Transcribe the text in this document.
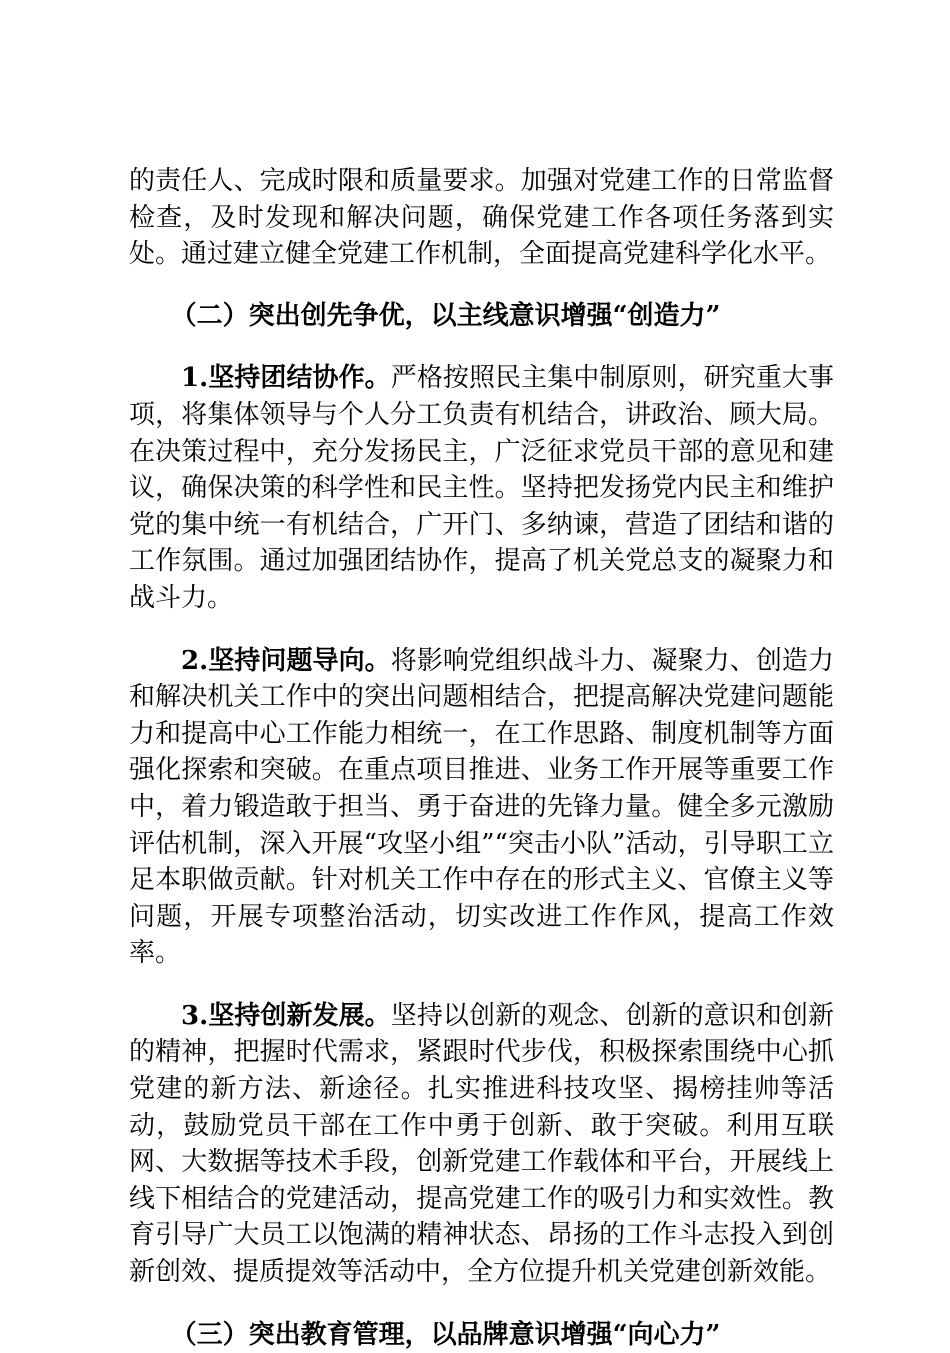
的责任人、完成时限和质量要求。加强对党建工作的日常监督检查，及时发现和解决问题，确保党建工作各项任务落到实处。通过建立健全党建工作机制，全面提高党建科学化水平。

（二）突出创先争优，以主线意识增强“创造力”

1.坚持团结协作。严格按照民主集中制原则，研究重大事项，将集体领导与个人分工负责有机结合，讲政治、顾大局。在决策过程中，充分发扬民主，广泛征求党员干部的意见和建议，确保决策的科学性和民主性。坚持把发扬党内民主和维护党的集中统一有机结合，广开门、多纳谏，营造了团结和谐的工作氛围。通过加强团结协作，提高了机关党总支的凝聚力和战斗力。

2.坚持问题导向。将影响党组织战斗力、凝聚力、创造力和解决机关工作中的突出问题相结合，把提高解决党建问题能力和提高中心工作能力相统一，在工作思路、制度机制等方面强化探索和突破。在重点项目推进、业务工作开展等重要工作中，着力锻造敢于担当、勇于奋进的先锋力量。健全多元激励评估机制，深入开展“攻坚小组”“突击小队”活动，引导职工立足本职做贡献。针对机关工作中存在的形式主义、官僚主义等问题，开展专项整治活动，切实改进工作作风，提高工作效率。

3.坚持创新发展。坚持以创新的观念、创新的意识和创新的精神，把握时代需求，紧跟时代步伐，积极探索围绕中心抓党建的新方法、新途径。扎实推进科技攻坚、揭榜挂帅等活动，鼓励党员干部在工作中勇于创新、敢于突破。利用互联网、大数据等技术手段，创新党建工作载体和平台，开展线上线下相结合的党建活动，提高党建工作的吸引力和实效性。教育引导广大员工以饱满的精神状态、昂扬的工作斗志投入到创新创效、提质提效等活动中，全方位提升机关党建创新效能。

（三）突出教育管理，以品牌意识增强“向心力”
